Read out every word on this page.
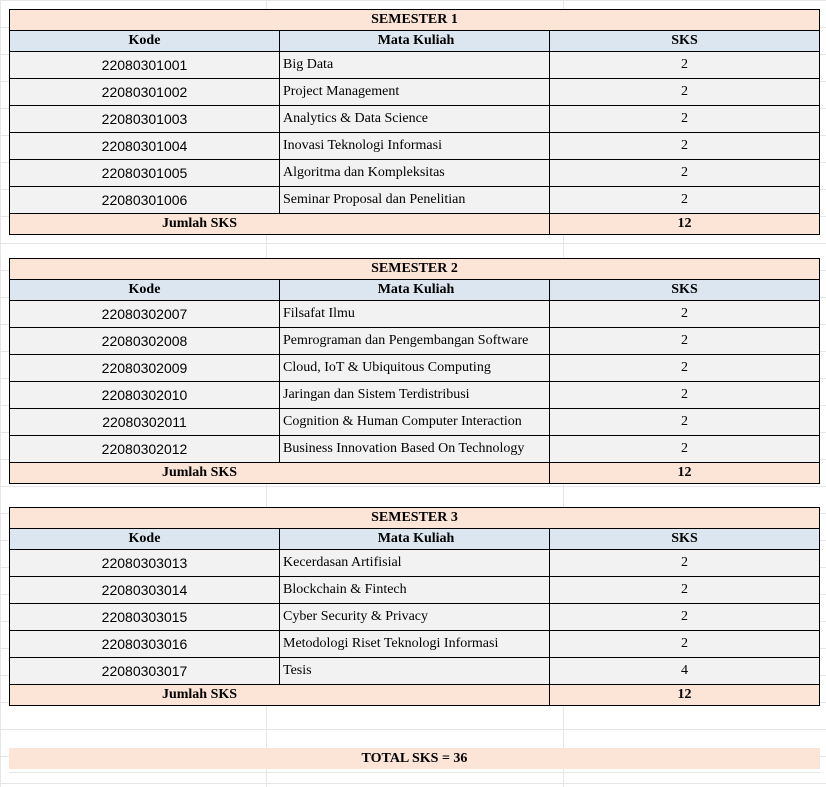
SEMESTER 1		
Kode	Mata Kuliah	SKS
22080301001	Big Data	2
22080301002	Project Management	2
22080301003	Analytics & Data Science	2
22080301004	Inovasi Teknologi Informasi	2
22080301005	Algoritma dan Kompleksitas	2
22080301006	Seminar Proposal dan Penelitian	2
Jumlah SKS		12
SEMESTER 2		
Kode	Mata Kuliah	SKS
22080302007	Filsafat Ilmu	2
22080302008	Pemrograman dan Pengembangan Software	2
22080302009	Cloud, IoT & Ubiquitous Computing	2
22080302010	Jaringan dan Sistem Terdistribusi	2
22080302011	Cognition & Human Computer Interaction	2
22080302012	Business Innovation Based On Technology	2
Jumlah SKS		12
SEMESTER 3		
Kode	Mata Kuliah	SKS
22080303013	Kecerdasan Artifisial	2
22080303014	Blockchain & Fintech	2
22080303015	Cyber Security & Privacy	2
22080303016	Metodologi Riset Teknologi Informasi	2
22080303017	Tesis	4
Jumlah SKS		12
TOTAL SKS = 36
